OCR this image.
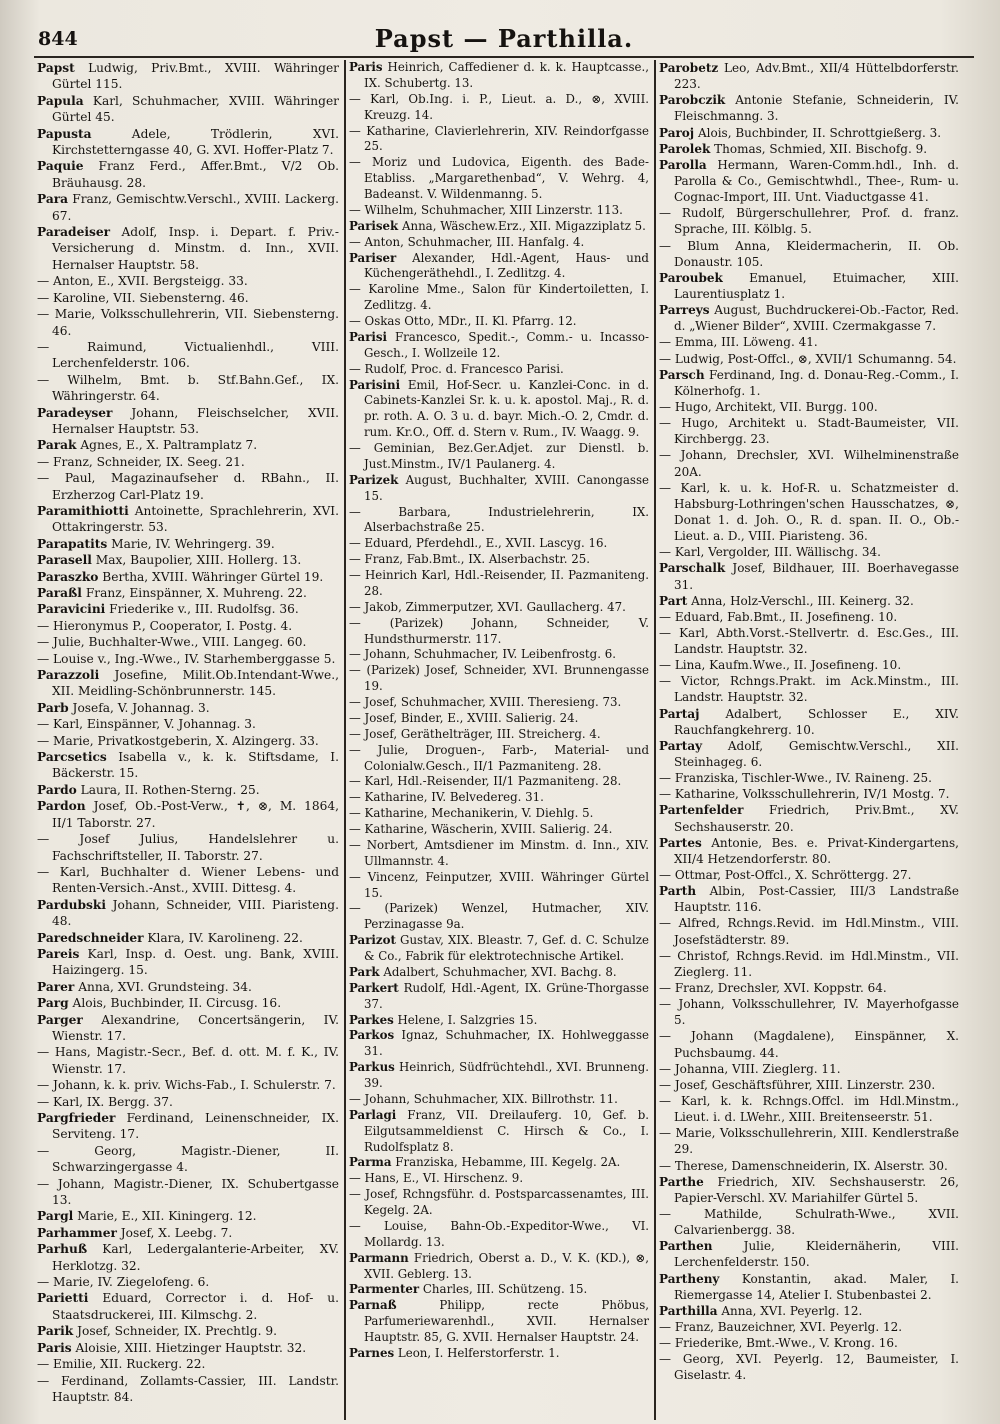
844	Papst — Parthilla.
Papst Ludwig, Priv.Bmt., XVIII. Währinger Gürtel 115.
Papula Karl, Schuhmacher, XVIII. Währinger Gürtel 45.
Papusta Adele, Trödlerin, XVI. Kirchstetterngasse 40, G. XVI. Hoffer-Platz 7.
Paquie Franz Ferd., Affer.Bmt., V/2 Ob. Bräuhausg. 28.
Para Franz, Gemischtw.Verschl., XVIII. Lackerg. 67.
Paradeiser Adolf, Insp. i. Depart. f. Priv.-Versicherung d. Minstm. d. Inn., XVII. Hernalser Hauptstr. 58.
— Anton, E., XVII. Bergsteigg. 33.
— Karoline, VII. Siebensterng. 46.
— Marie, Volksschullehrerin, VII. Siebensterng. 46.
— Raimund, Victualienhdl., VIII. Lerchenfelderstr. 106.
— Wilhelm, Bmt. b. Stf.Bahn.Gef., IX. Währingerstr. 64.
Paradeyser Johann, Fleischselcher, XVII. Hernalser Hauptstr. 53.
Parak Agnes, E., X. Paltramplatz 7.
— Franz, Schneider, IX. Seeg. 21.
— Paul, Magazinaufseher d. RBahn., II. Erzherzog Carl-Platz 19.
Paramithiotti Antoinette, Sprachlehrerin, XVI. Ottakringerstr. 53.
Parapatits Marie, IV. Wehringerg. 39.
Parasell Max, Baupolier, XIII. Hollerg. 13.
Paraszko Bertha, XVIII. Währinger Gürtel 19.
Paraßl Franz, Einspänner, X. Muhreng. 22.
Paravicini Friederike v., III. Rudolfsg. 36.
— Hieronymus P., Cooperator, I. Postg. 4.
— Julie, Buchhalter-Wwe., VIII. Langeg. 60.
— Louise v., Ing.-Wwe., IV. Starhemberggasse 5.
Parazzoli Josefine, Milit.Ob.Intendant-Wwe., XII. Meidling-Schönbrunnerstr. 145.
Parb Josefa, V. Johannag. 3.
— Karl, Einspänner, V. Johannag. 3.
— Marie, Privatkostgeberin, X. Alzingerg. 33.
Parcsetics Isabella v., k. k. Stiftsdame, I. Bäckerstr. 15.
Pardo Laura, II. Rothen-Sterng. 25.
Pardon Josef, Ob.-Post-Verw., ✝, ⊗, M. 1864, II/1 Taborstr. 27.
— Josef Julius, Handelslehrer u. Fachschriftsteller, II. Taborstr. 27.
— Karl, Buchhalter d. Wiener Lebens- und Renten-Versich.-Anst., XVIII. Dittesg. 4.
Pardubski Johann, Schneider, VIII. Piaristeng. 48.
Paredschneider Klara, IV. Karolineng. 22.
Pareis Karl, Insp. d. Oest. ung. Bank, XVIII. Haizingerg. 15.
Parer Anna, XVI. Grundsteing. 34.
Parg Alois, Buchbinder, II. Circusg. 16.
Parger Alexandrine, Concertsängerin, IV. Wienstr. 17.
— Hans, Magistr.-Secr., Bef. d. ott. M. f. K., IV. Wienstr. 17.
— Johann, k. k. priv. Wichs-Fab., I. Schulerstr. 7.
— Karl, IX. Bergg. 37.
Pargfrieder Ferdinand, Leinenschneider, IX. Serviteng. 17.
— Georg, Magistr.-Diener, II. Schwarzingergasse 4.
— Johann, Magistr.-Diener, IX. Schubertgasse 13.
Pargl Marie, E., XII. Kiningerg. 12.
Parhammer Josef, X. Leebg. 7.
Parhuß Karl, Ledergalanterie-Arbeiter, XV. Herklotzg. 32.
— Marie, IV. Ziegelofeng. 6.
Parietti Eduard, Corrector i. d. Hof- u. Staatsdruckerei, III. Kilmschg. 2.
Parik Josef, Schneider, IX. Prechtlg. 9.
Paris Aloisie, XIII. Hietzinger Hauptstr. 32.
— Emilie, XII. Ruckerg. 22.
— Ferdinand, Zollamts-Cassier, III. Landstr. Hauptstr. 84.
Paris Heinrich, Caffediener d. k. k. Hauptcasse., IX. Schubertg. 13.
— Karl, Ob.Ing. i. P., Lieut. a. D., ⊗, XVIII. Kreuzg. 14.
— Katharine, Clavierlehrerin, XIV. Reindorfgasse 25.
— Moriz und Ludovica, Eigenth. des Bade-Etabliss. „Margarethenbad“, V. Wehrg. 4, Badeanst. V. Wildenmanng. 5.
— Wilhelm, Schuhmacher, XIII Linzerstr. 113.
Parisek Anna, Wäschew.Erz., XII. Migazziplatz 5.
— Anton, Schuhmacher, III. Hanfalg. 4.
Pariser Alexander, Hdl.-Agent, Haus- und Küchengeräthehdl., I. Zedlitzg. 4.
— Karoline Mme., Salon für Kindertoiletten, I. Zedlitzg. 4.
— Oskas Otto, MDr., II. Kl. Pfarrg. 12.
Parisi Francesco, Spedit.-, Comm.- u. Incasso-Gesch., I. Wollzeile 12.
— Rudolf, Proc. d. Francesco Parisi.
Parisini Emil, Hof-Secr. u. Kanzlei-Conc. in d. Cabinets-Kanzlei Sr. k. u. k. apostol. Maj., R. d. pr. roth. A. O. 3 u. d. bayr. Mich.-O. 2, Cmdr. d. rum. Kr.O., Off. d. Stern v. Rum., IV. Waagg. 9.
— Geminian, Bez.Ger.Adjet. zur Dienstl. b. Just.Minstm., IV/1 Paulanerg. 4.
Parizek August, Buchhalter, XVIII. Canongasse 15.
— Barbara, Industrielehrerin, IX. Alserbachstraße 25.
— Eduard, Pferdehdl., E., XVII. Lascyg. 16.
— Franz, Fab.Bmt., IX. Alserbachstr. 25.
— Heinrich Karl, Hdl.-Reisender, II. Pazmaniteng. 28.
— Jakob, Zimmerputzer, XVI. Gaullacherg. 47.
— (Parizek) Johann, Schneider, V. Hundsthurmerstr. 117.
— Johann, Schuhmacher, IV. Leibenfrostg. 6.
— (Parizek) Josef, Schneider, XVI. Brunnengasse 19.
— Josef, Schuhmacher, XVIII. Theresieng. 73.
— Josef, Binder, E., XVIII. Salierig. 24.
— Josef, Geräthelträger, III. Streicherg. 4.
— Julie, Droguen-, Farb-, Material- und Colonialw.Gesch., II/1 Pazmaniteng. 28.
— Karl, Hdl.-Reisender, II/1 Pazmaniteng. 28.
— Katharine, IV. Belvedereg. 31.
— Katharine, Mechanikerin, V. Diehlg. 5.
— Katharine, Wäscherin, XVIII. Salierig. 24.
— Norbert, Amtsdiener im Minstm. d. Inn., XIV. Ullmannstr. 4.
— Vincenz, Feinputzer, XVIII. Währinger Gürtel 15.
— (Parizek) Wenzel, Hutmacher, XIV. Perzinagasse 9a.
Parizot Gustav, XIX. Bleastr. 7, Gef. d. C. Schulze & Co., Fabrik für elektrotechnische Artikel.
Park Adalbert, Schuhmacher, XVI. Bachg. 8.
Parkert Rudolf, Hdl.-Agent, IX. Grüne-Thorgasse 37.
Parkes Helene, I. Salzgries 15.
Parkos Ignaz, Schuhmacher, IX. Hohlweggasse 31.
Parkus Heinrich, Südfrüchtehdl., XVI. Brunneng. 39.
— Johann, Schuhmacher, XIX. Billrothstr. 11.
Parlagi Franz, VII. Dreilauferg. 10, Gef. b. Eilgutsammeldienst C. Hirsch & Co., I. Rudolfsplatz 8.
Parma Franziska, Hebamme, III. Kegelg. 2A.
— Hans, E., VI. Hirschenz. 9.
— Josef, Rchngsführ. d. Postsparcassenamtes, III. Kegelg. 2A.
— Louise, Bahn-Ob.-Expeditor-Wwe., VI. Mollardg. 13.
Parmann Friedrich, Oberst a. D., V. K. (KD.), ⊗, XVII. Geblerg. 13.
Parmenter Charles, III. Schützeng. 15.
Parnaß Philipp, recte Phöbus, Parfumeriewarenhdl., XVII. Hernalser Hauptstr. 85, G. XVII. Hernalser Hauptstr. 24.
Parnes Leon, I. Helferstorferstr. 1.
Parobetz Leo, Adv.Bmt., XII/4 Hüttelbdorferstr. 223.
Parobczik Antonie Stefanie, Schneiderin, IV. Fleischmanng. 3.
Paroj Alois, Buchbinder, II. Schrottgießerg. 3.
Parolek Thomas, Schmied, XII. Bischofg. 9.
Parolla Hermann, Waren-Comm.hdl., Inh. d. Parolla & Co., Gemischtwhdl., Thee-, Rum- u. Cognac-Import, III. Unt. Viaductgasse 41.
— Rudolf, Bürgerschullehrer, Prof. d. franz. Sprache, III. Kölblg. 5.
— Blum Anna, Kleidermacherin, II. Ob. Donaustr. 105.
Paroubek Emanuel, Etuimacher, XIII. Laurentiusplatz 1.
Parreys August, Buchdruckerei-Ob.-Factor, Red. d. „Wiener Bilder“, XVIII. Czermakgasse 7.
— Emma, III. Löweng. 41.
— Ludwig, Post-Offcl., ⊗, XVII/1 Schumanng. 54.
Parsch Ferdinand, Ing. d. Donau-Reg.-Comm., I. Kölnerhofg. 1.
— Hugo, Architekt, VII. Burgg. 100.
— Hugo, Architekt u. Stadt-Baumeister, VII. Kirchbergg. 23.
— Johann, Drechsler, XVI. Wilhelminenstraße 20A.
— Karl, k. u. k. Hof-R. u. Schatzmeister d. Habsburg-Lothringen'schen Hausschatzes, ⊗, Donat 1. d. Joh. O., R. d. span. II. O., Ob.-Lieut. a. D., VIII. Piaristeng. 36.
— Karl, Vergolder, III. Wällischg. 34.
Parschalk Josef, Bildhauer, III. Boerhavegasse 31.
Part Anna, Holz-Verschl., III. Keinerg. 32.
— Eduard, Fab.Bmt., II. Josefineng. 10.
— Karl, Abth.Vorst.-Stellvertr. d. Esc.Ges., III. Landstr. Hauptstr. 32.
— Lina, Kaufm.Wwe., II. Josefineng. 10.
— Victor, Rchngs.Prakt. im Ack.Minstm., III. Landstr. Hauptstr. 32.
Partaj Adalbert, Schlosser E., XIV. Rauchfangkehrerg. 10.
Partay Adolf, Gemischtw.Verschl., XII. Steinhageg. 6.
— Franziska, Tischler-Wwe., IV. Raineng. 25.
— Katharine, Volksschullehrerin, IV/1 Mostg. 7.
Partenfelder Friedrich, Priv.Bmt., XV. Sechshauserstr. 20.
Partes Antonie, Bes. e. Privat-Kindergartens, XII/4 Hetzendorferstr. 80.
— Ottmar, Post-Offcl., X. Schröttergg. 27.
Parth Albin, Post-Cassier, III/3 Landstraße Hauptstr. 116.
— Alfred, Rchngs.Revid. im Hdl.Minstm., VIII. Josefstädterstr. 89.
— Christof, Rchngs.Revid. im Hdl.Minstm., VII. Zieglerg. 11.
— Franz, Drechsler, XVI. Koppstr. 64.
— Johann, Volksschullehrer, IV. Mayerhofgasse 5.
— Johann (Magdalene), Einspänner, X. Puchsbaumg. 44.
— Johanna, VIII. Zieglerg. 11.
— Josef, Geschäftsführer, XIII. Linzerstr. 230.
— Karl, k. k. Rchngs.Offcl. im Hdl.Minstm., Lieut. i. d. LWehr., XIII. Breitenseerstr. 51.
— Marie, Volksschullehrerin, XIII. Kendlerstraße 29.
— Therese, Damenschneiderin, IX. Alserstr. 30.
Parthe Friedrich, XIV. Sechshauserstr. 26, Papier-Verschl. XV. Mariahilfer Gürtel 5.
— Mathilde, Schulrath-Wwe., XVII. Calvarienbergg. 38.
Parthen Julie, Kleidernäherin, VIII. Lerchenfelderstr. 150.
Partheny Konstantin, akad. Maler, I. Riemergasse 14, Atelier I. Stubenbastei 2.
Parthilla Anna, XVI. Peyerlg. 12.
— Franz, Bauzeichner, XVI. Peyerlg. 12.
— Friederike, Bmt.-Wwe., V. Krong. 16.
— Georg, XVI. Peyerlg. 12, Baumeister, I. Giselastr. 4.
